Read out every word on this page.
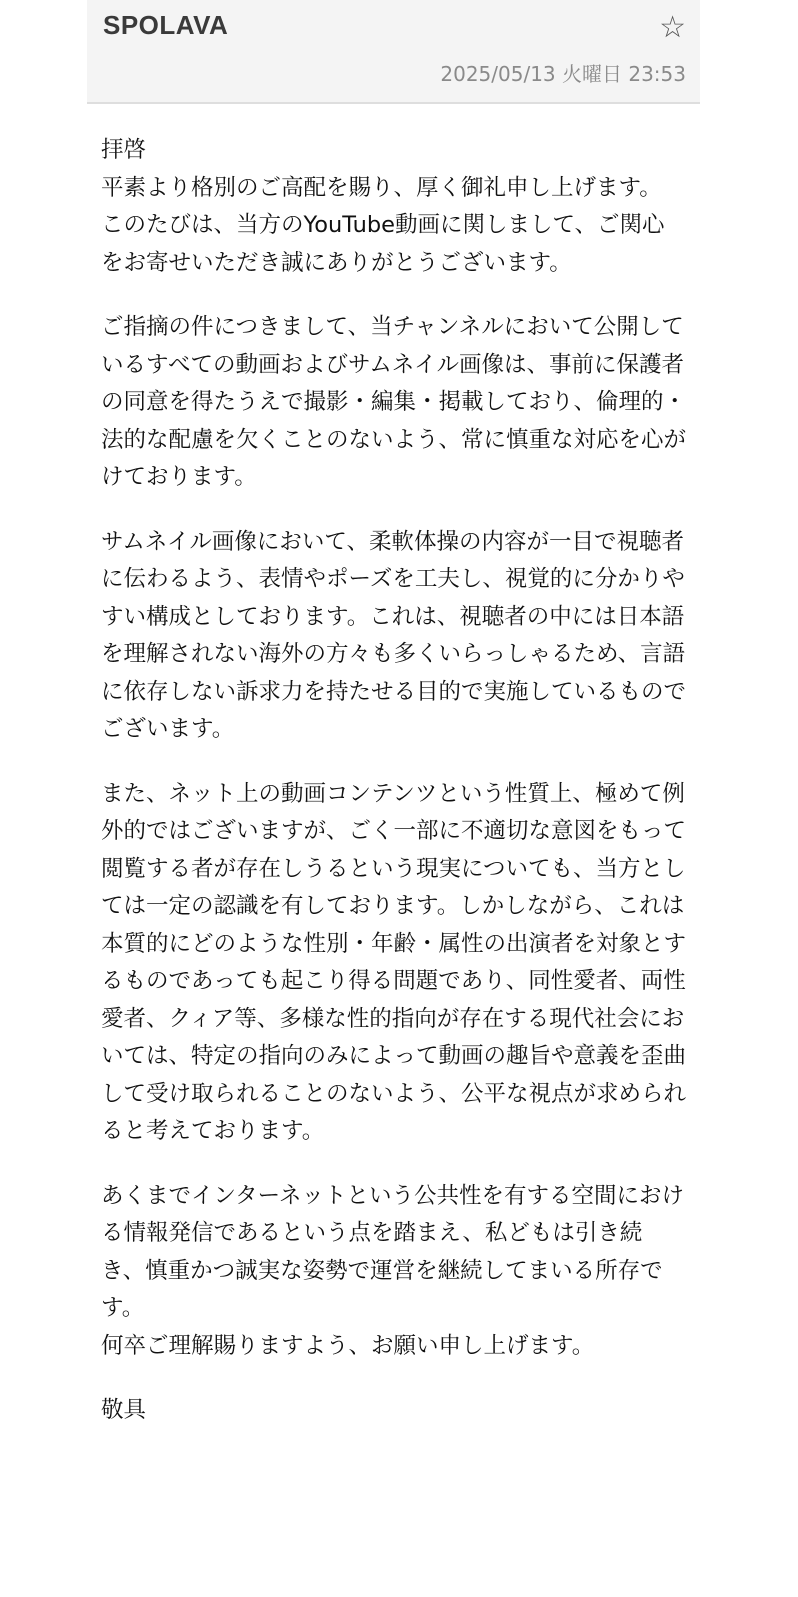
SPOLAVA	☆
2025/05/13 火曜日 23:53

拝啓
平素より格別のご高配を賜り、厚く御礼申し上げます。
このたびは、当方のYouTube動画に関しまして、ご関心をお寄せいただき誠にありがとうございます。

ご指摘の件につきまして、当チャンネルにおいて公開しているすべての動画およびサムネイル画像は、事前に保護者の同意を得たうえで撮影・編集・掲載しており、倫理的・法的な配慮を欠くことのないよう、常に慎重な対応を心がけております。

サムネイル画像において、柔軟体操の内容が一目で視聴者に伝わるよう、表情やポーズを工夫し、視覚的に分かりやすい構成としております。これは、視聴者の中には日本語を理解されない海外の方々も多くいらっしゃるため、言語に依存しない訴求力を持たせる目的で実施しているものでございます。

また、ネット上の動画コンテンツという性質上、極めて例外的ではございますが、ごく一部に不適切な意図をもって閲覧する者が存在しうるという現実についても、当方としては一定の認識を有しております。しかしながら、これは本質的にどのような性別・年齢・属性の出演者を対象とするものであっても起こり得る問題であり、同性愛者、両性愛者、クィア等、多様な性的指向が存在する現代社会においては、特定の指向のみによって動画の趣旨や意義を歪曲して受け取られることのないよう、公平な視点が求められると考えております。

あくまでインターネットという公共性を有する空間における情報発信であるという点を踏まえ、私どもは引き続き、慎重かつ誠実な姿勢で運営を継続してまいる所存です。
何卒ご理解賜りますよう、お願い申し上げます。

敬具
